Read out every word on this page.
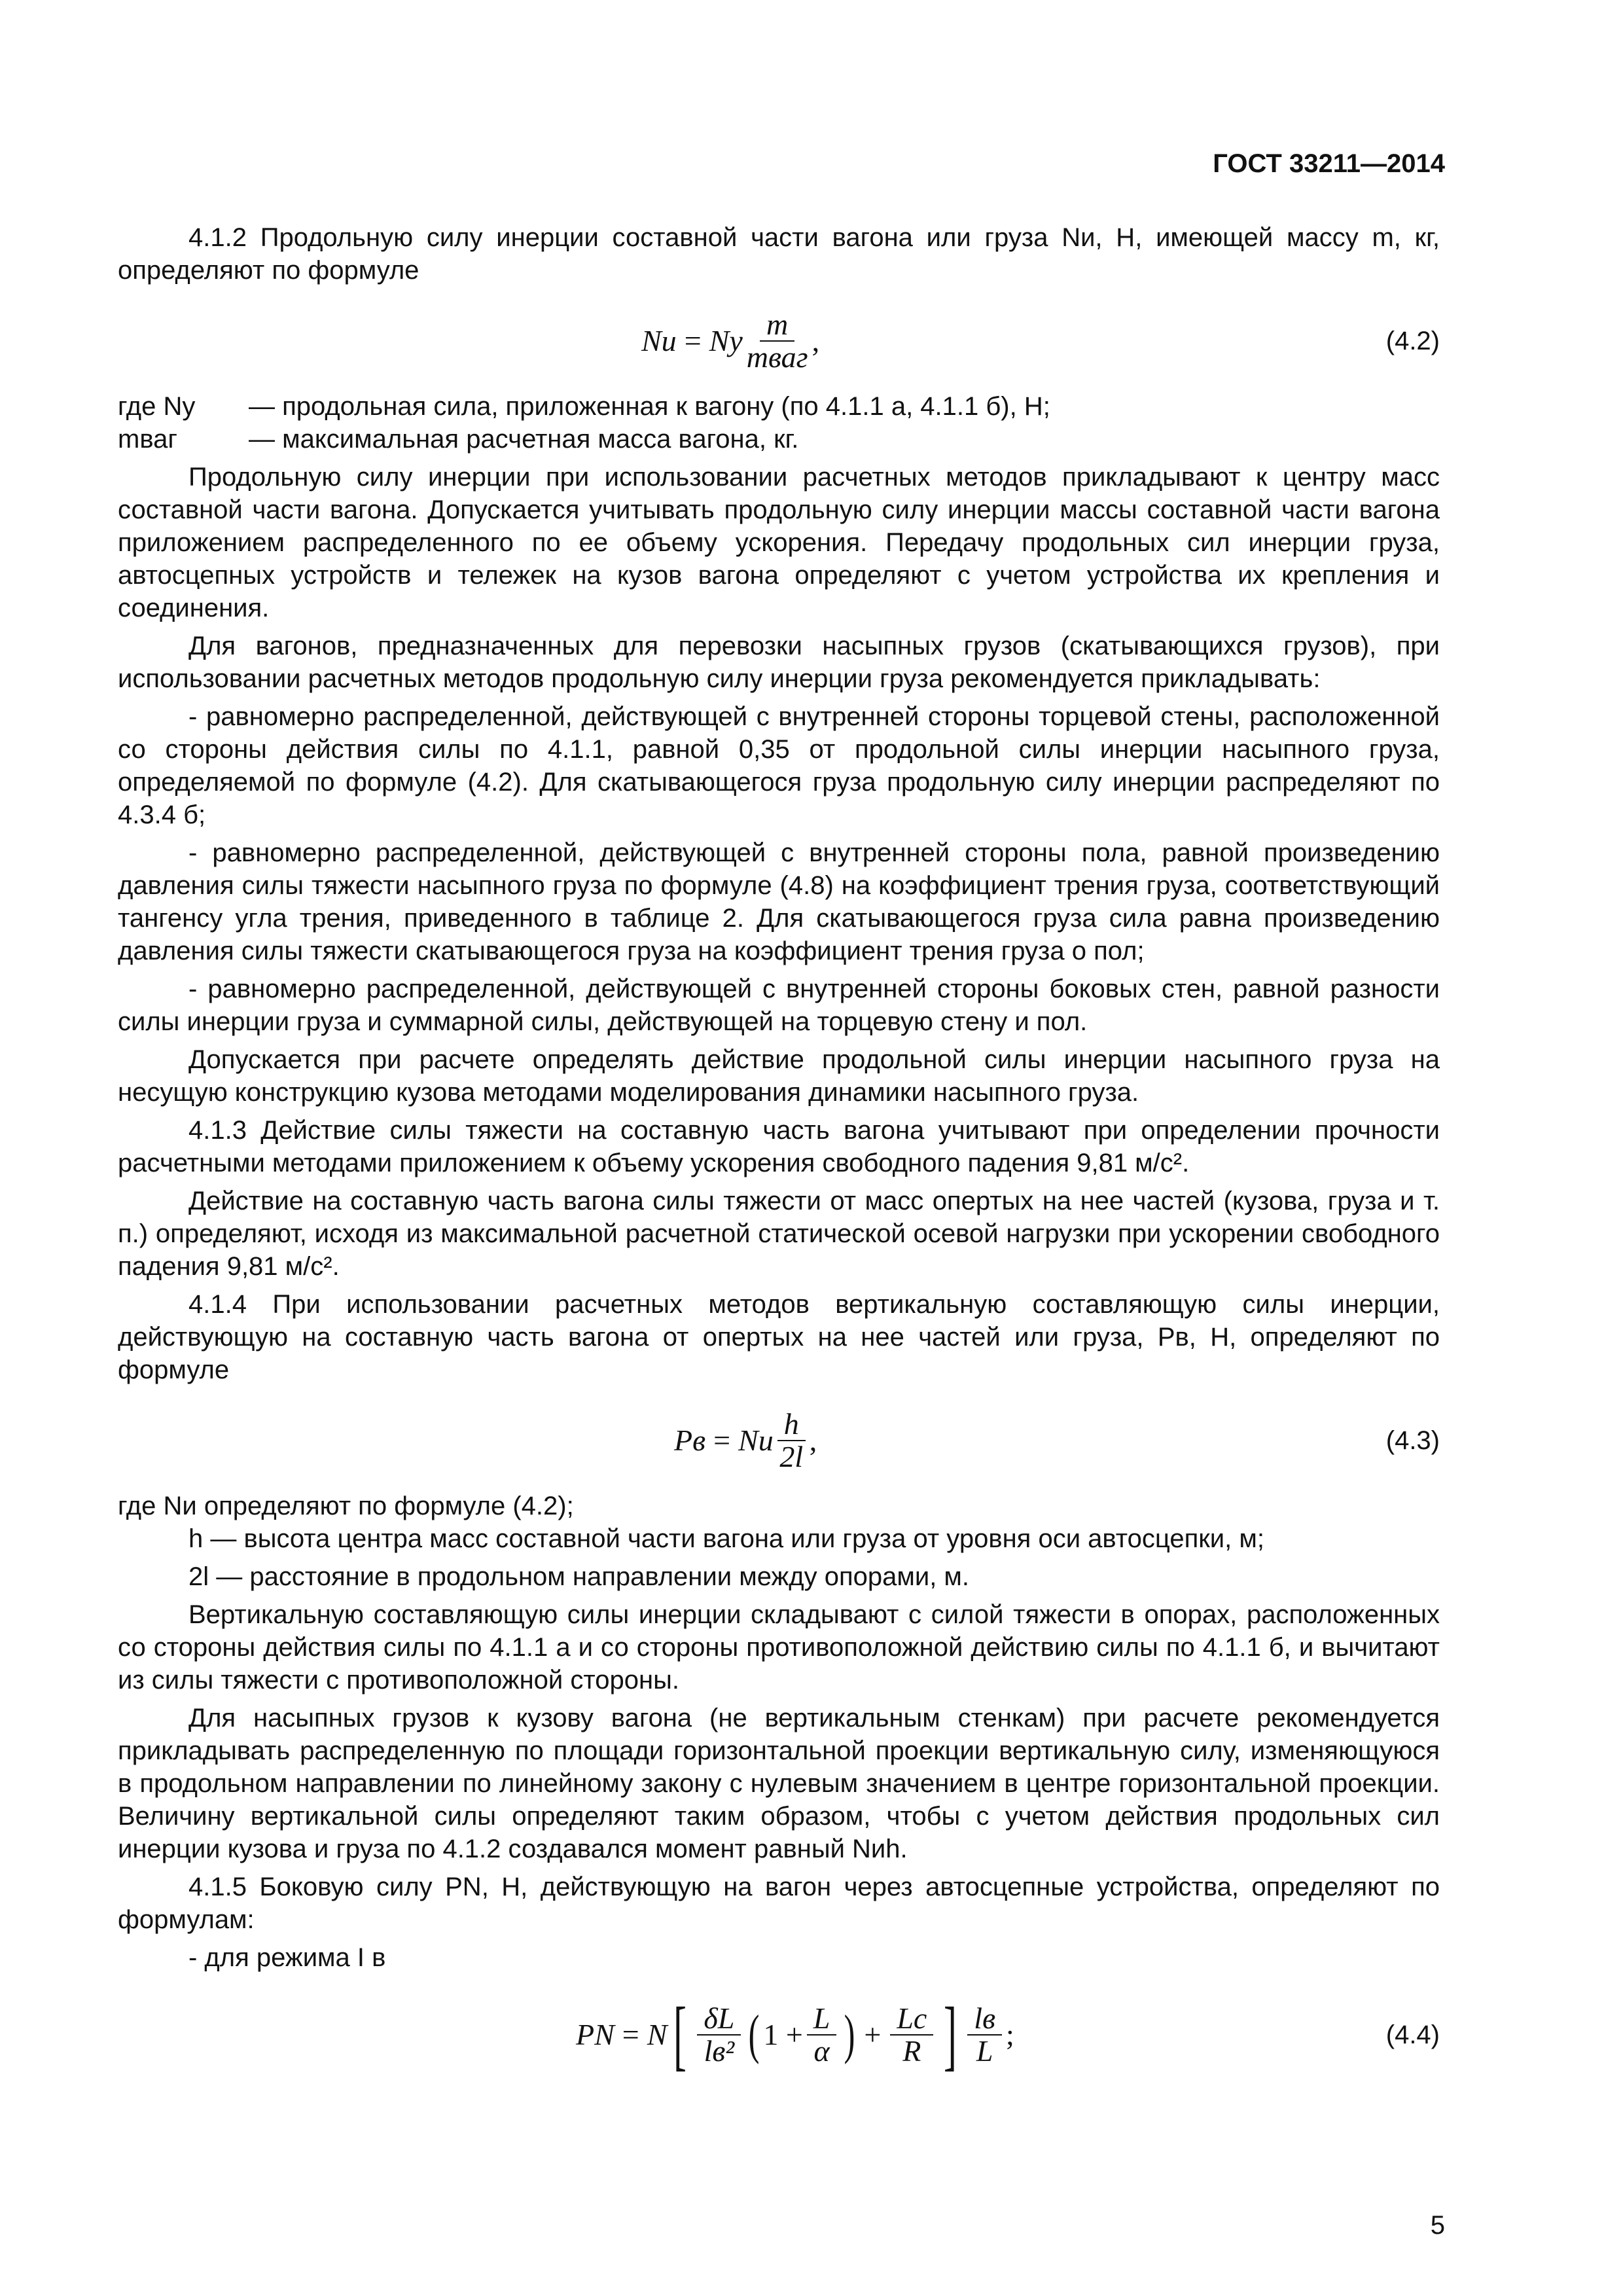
ГОСТ 33211—2014

4.1.2 Продольную силу инерции составной части вагона или груза Nи, Н, имеющей массу m, кг, определяют по формуле

Nи = Nу $\frac{m}{\text{mваг}}$ ,	(4.2)
где Nу	— продольная сила, приложенная к вагону (по 4.1.1 а, 4.1.1 б), Н;
mваг	— максимальная расчетная масса вагона, кг.

Продольную силу инерции при использовании расчетных методов прикладывают к центру масс составной части вагона. Допускается учитывать продольную силу инерции массы составной части вагона приложением распределенного по ее объему ускорения. Передачу продольных сил инерции груза, автосцепных устройств и тележек на кузов вагона определяют с учетом устройства их крепления и соединения.

Для вагонов, предназначенных для перевозки насыпных грузов (скатывающихся грузов), при использовании расчетных методов продольную силу инерции груза рекомендуется прикладывать:

- равномерно распределенной, действующей с внутренней стороны торцевой стены, расположенной со стороны действия силы по 4.1.1, равной 0,35 от продольной силы инерции насыпного груза, определяемой по формуле (4.2). Для скатывающегося груза продольную силу инерции распределяют по 4.3.4 б;

- равномерно распределенной, действующей с внутренней стороны пола, равной произведению давления силы тяжести насыпного груза по формуле (4.8) на коэффициент трения груза, соответствующий тангенсу угла трения, приведенного в таблице 2. Для скатывающегося груза сила равна произведению давления силы тяжести скатывающегося груза на коэффициент трения груза о пол;

- равномерно распределенной, действующей с внутренней стороны боковых стен, равной разности силы инерции груза и суммарной силы, действующей на торцевую стену и пол.

Допускается при расчете определять действие продольной силы инерции насыпного груза на несущую конструкцию кузова методами моделирования динамики насыпного груза.

4.1.3 Действие силы тяжести на составную часть вагона учитывают при определении прочности расчетными методами приложением к объему ускорения свободного падения 9,81 м/с².

Действие на составную часть вагона силы тяжести от масс опертых на нее частей (кузова, груза и т. п.) определяют, исходя из максимальной расчетной статической осевой нагрузки при ускорении свободного падения 9,81 м/с².

4.1.4 При использовании расчетных методов вертикальную составляющую силы инерции, действующую на составную часть вагона от опертых на нее частей или груза, Pв, Н, определяют по формуле

Pв = Nи $\frac{h}{2l}$ ,	(4.3)

где Nи определяют по формуле (4.2);

h — высота центра масс составной части вагона или груза от уровня оси автосцепки, м;

2l — расстояние в продольном направлении между опорами, м.

Вертикальную составляющую силы инерции складывают с силой тяжести в опорах, расположенных со стороны действия силы по 4.1.1 а и со стороны противоположной действию силы по 4.1.1 б, и вычитают из силы тяжести с противоположной стороны.

Для насыпных грузов к кузову вагона (не вертикальным стенкам) при расчете рекомендуется прикладывать распределенную по площади горизонтальной проекции вертикальную силу, изменяющуюся в продольном направлении по линейному закону с нулевым значением в центре горизонтальной проекции. Величину вертикальной силы определяют таким образом, чтобы с учетом действия продольных сил инерции кузова и груза по 4.1.2 создавался момент равный Nиh.

4.1.5 Боковую силу PN, Н, действующую на вагон через автосцепные устройства, определяют по формулам:

- для режима I в

PN = N [ $\frac{\delta L}{\text{lв²}}$ ( $1 + \frac{L}{\alpha}$ ) + $\frac{Lc}{R}$ ] $\frac{lв}{L}$ ;	(4.4)
5
